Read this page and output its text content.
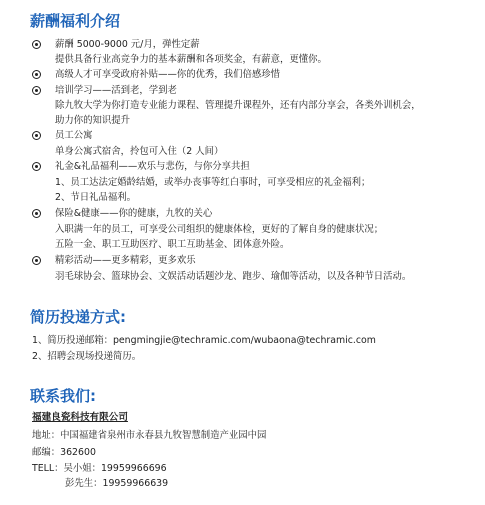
薪酬福利介绍
薪酬 5000-9000 元/月，弹性定薪
提供具备行业高竞争力的基本薪酬和各项奖金，有薪意，更懂你。
高级人才可享受政府补贴——你的优秀，我们倍感珍惜
培训学习——活到老，学到老
除九牧大学为你打造专业能力课程、管理提升课程外，还有内部分享会，各类外训机会，
助力你的知识提升
员工公寓
单身公寓式宿舍，拎包可入住（2 人间）
礼金&礼品福利——欢乐与悲伤，与你分享共担
1、员工达法定婚龄结婚，或举办丧事等红白事时，可享受相应的礼金福利；
2、节日礼品福利。
保险&健康——你的健康，九牧的关心
入职满一年的员工，可享受公司组织的健康体检，更好的了解自身的健康状况；
五险一金、职工互助医疗、职工互助基金、团体意外险。
精彩活动——更多精彩，更多欢乐
羽毛球协会、篮球协会、文娱活动话题沙龙、跑步、瑜伽等活动，以及各种节日活动。
简历投递方式:
1、简历投递邮箱：pengmingjie@techramic.com/wubaona@techramic.com
2、招聘会现场投递简历。
联系我们:
福建良瓷科技有限公司
地址：中国福建省泉州市永春县九牧智慧制造产业园中园
邮编：362600
TELL：吴小姐：19959966696
彭先生：19959966639
